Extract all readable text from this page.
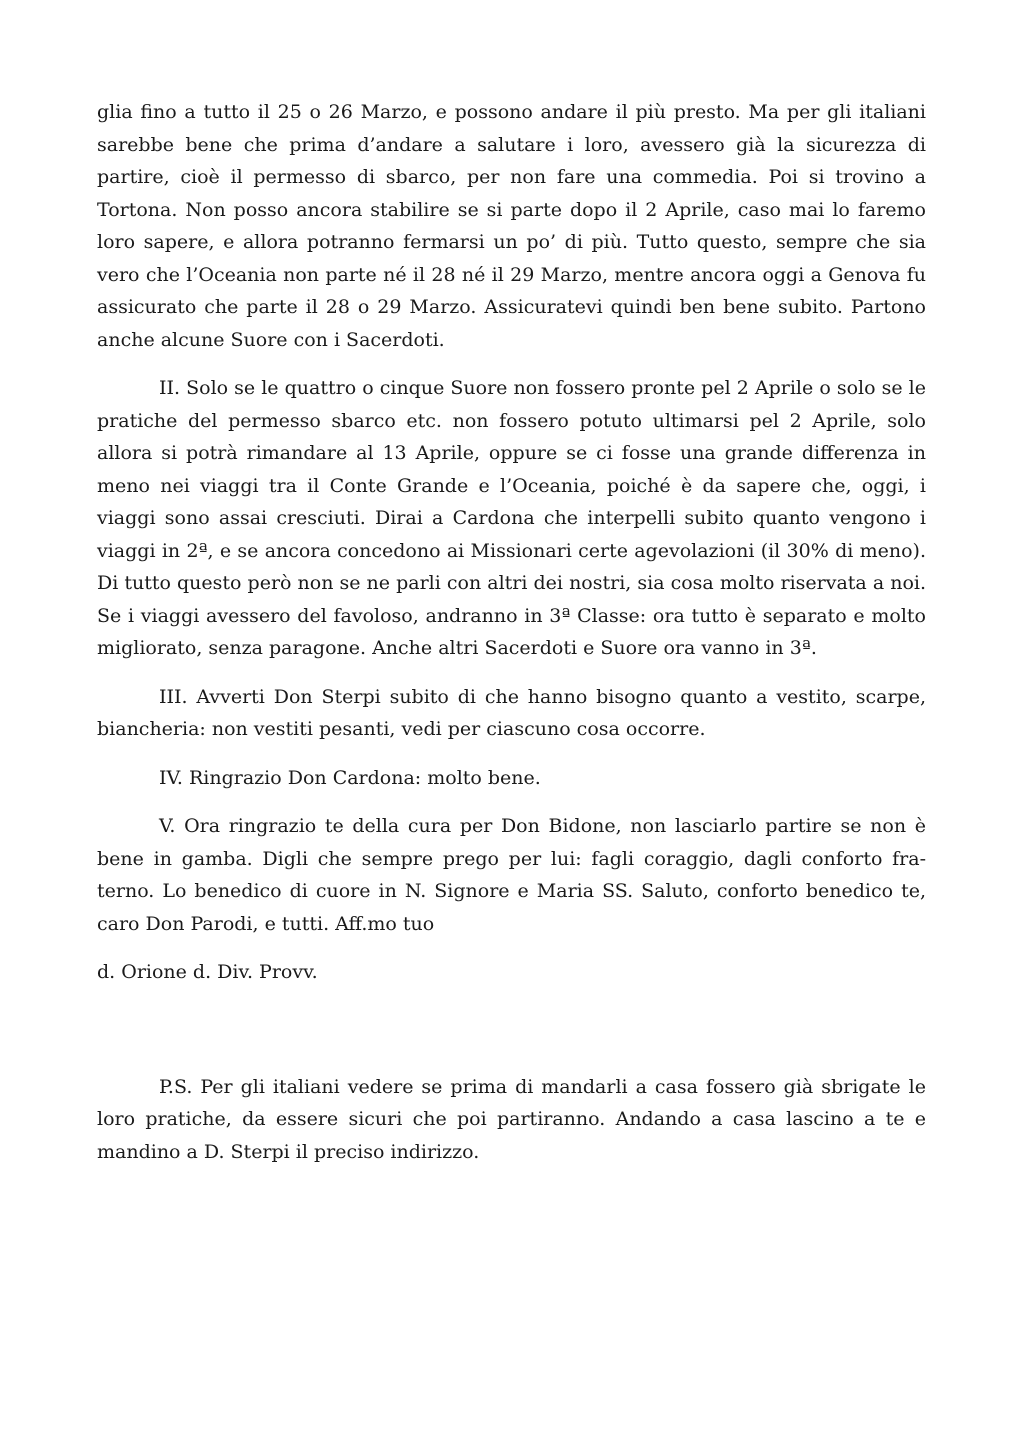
glia fino a tutto il 25 o 26 Marzo, e possono andare il più presto. Ma per gli italiani sarebbe bene che prima d’andare a salutare i loro, avessero già la sicurezza di partire, cioè il permesso di sbarco, per non fare una commedia. Poi si trovino a Tortona. Non posso ancora stabilire se si parte dopo il 2 Aprile, caso mai lo faremo loro sapere, e allora potranno fermarsi un po’ di più. Tutto questo, sempre che sia vero che l’Oceania non parte né il 28 né il 29 Marzo, mentre ancora oggi a Genova fu assicurato che parte il 28 o 29 Marzo. Assicuratevi quindi ben bene subito. Partono anche alcune Suore con i Sacerdoti.

II. Solo se le quattro o cinque Suore non fossero pronte pel 2 Aprile o solo se le pratiche del permesso sbarco etc. non fossero potuto ultimarsi pel 2 Aprile, solo allora si potrà rimandare al 13 Aprile, oppure se ci fosse una grande differenza in meno nei viaggi tra il Conte Grande e l’Oceania, poiché è da sapere che, oggi, i viaggi sono assai cresciuti. Dirai a Cardona che interpelli subito quanto vengono i viaggi in 2ª, e se ancora concedono ai Missionari certe agevolazioni (il 30% di meno). Di tutto questo però non se ne parli con altri dei nostri, sia cosa molto riservata a noi. Se i viaggi avessero del favoloso, andranno in 3ª Classe: ora tutto è separato e molto migliorato, senza paragone. Anche altri Sacerdoti e Suore ora vanno in 3ª.

III. Avverti Don Sterpi subito di che hanno bisogno quanto a vestito, scarpe, biancheria: non vestiti pesanti, vedi per ciascuno cosa occorre.

IV. Ringrazio Don Cardona: molto bene.

V. Ora ringrazio te della cura per Don Bidone, non lasciarlo partire se non è bene in gamba. Digli che sempre prego per lui: fagli coraggio, dagli conforto fraterno. Lo benedico di cuore in N. Signore e Maria SS. Saluto, conforto benedico te, caro Don Parodi, e tutti. Aff.mo tuo

d. Orione d. Div. Provv.

P.S. Per gli italiani vedere se prima di mandarli a casa fossero già sbrigate le loro pratiche, da essere sicuri che poi partiranno. Andando a casa lascino a te e mandino a D. Sterpi il preciso indirizzo.
